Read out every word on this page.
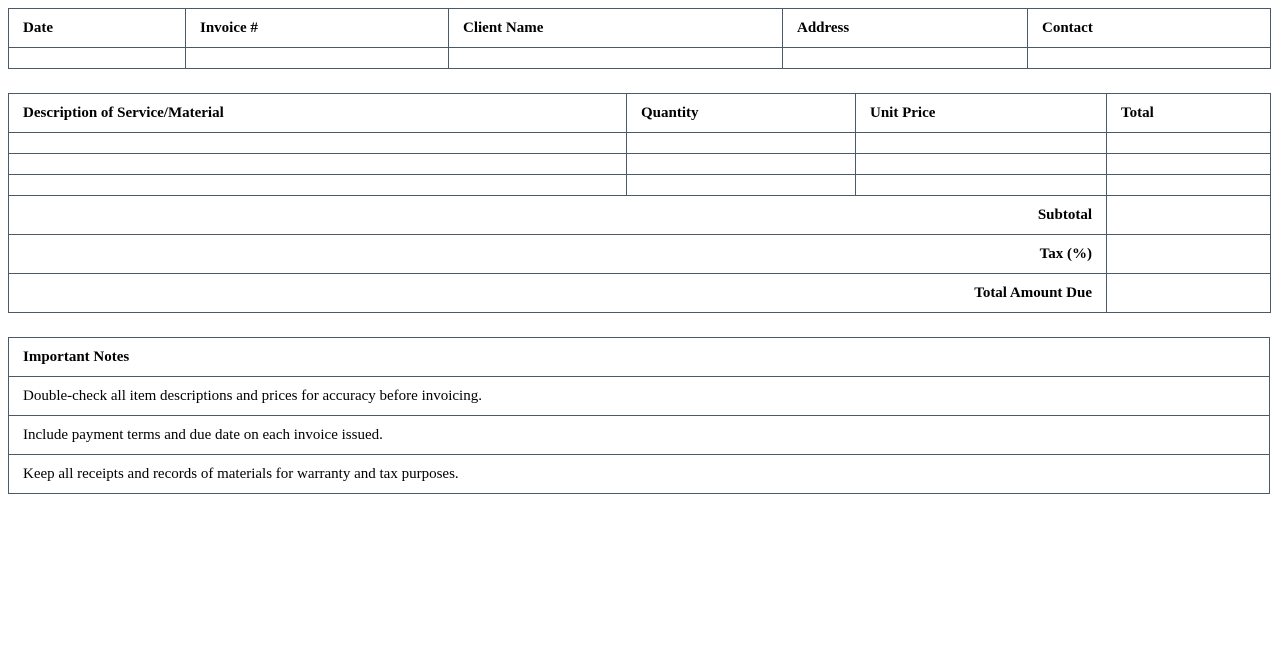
Date	Invoice #	Client Name	Address	Contact

Description of Service/Material	Quantity	Unit Price	Total

Subtotal			
Tax (%)			
Total Amount Due			
Important Notes
Double-check all item descriptions and prices for accuracy before invoicing.
Include payment terms and due date on each invoice issued.
Keep all receipts and records of materials for warranty and tax purposes.
